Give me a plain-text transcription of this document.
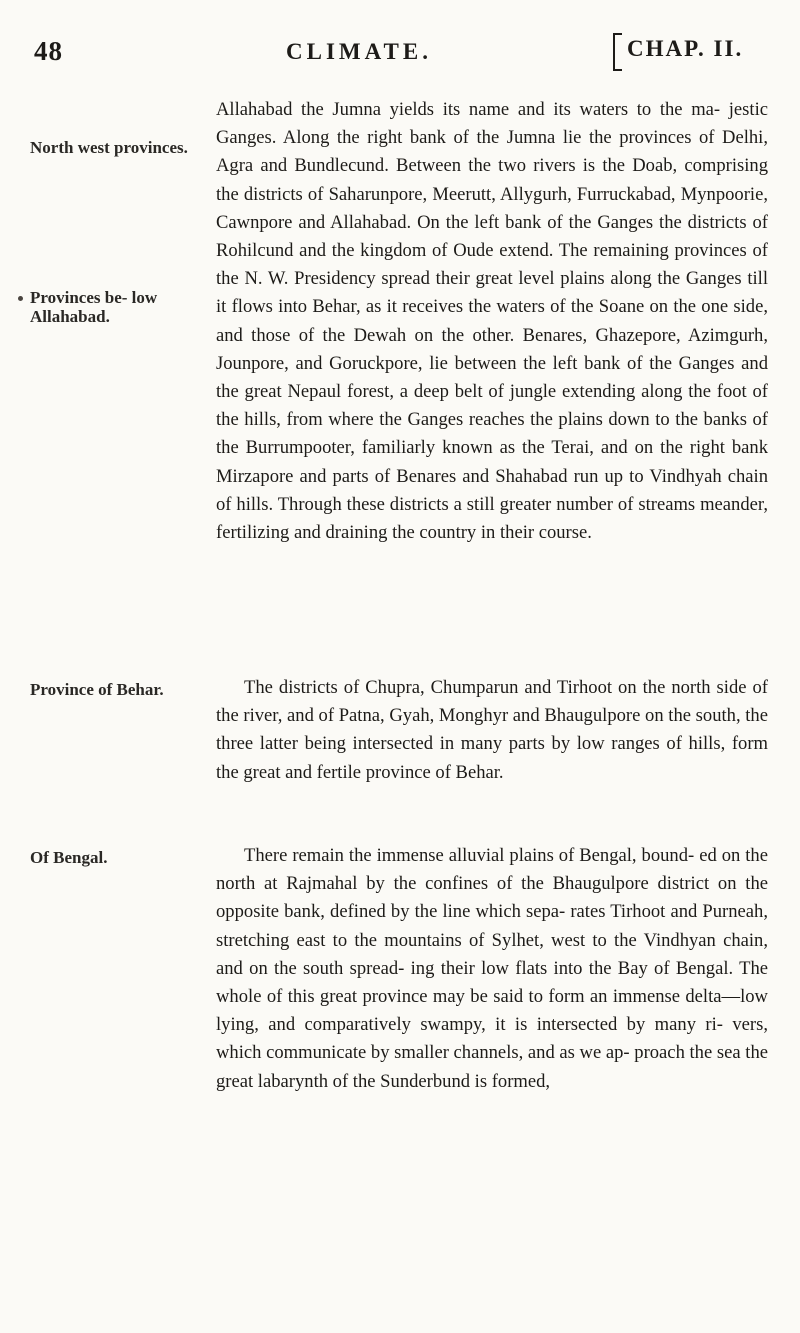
48	CLIMATE.	CHAP. II.
North west provinces.
Provinces be- low Allahabad.
Province of Behar.
Of Bengal.

Allahabad the Jumna yields its name and its waters to the ma- jestic Ganges. Along the right bank of the Jumna lie the provinces of Delhi, Agra and Bundlecund. Between the two rivers is the Doab, comprising the districts of Saharunpore, Meerutt, Allygurh, Furruckabad, Mynpoorie, Cawnpore and Allahabad. On the left bank of the Ganges the districts of Rohilcund and the kingdom of Oude extend. The remaining provinces of the N. W. Presidency spread their great level plains along the Ganges till it flows into Behar, as it receives the waters of the Soane on the one side, and those of the Dewah on the other. Benares, Ghazepore, Azimgurh, Jounpore, and Goruckpore, lie between the left bank of the Ganges and the great Nepaul forest, a deep belt of jungle extending along the foot of the hills, from where the Ganges reaches the plains down to the banks of the Burrumpooter, familiarly known as the Terai, and on the right bank Mirzapore and parts of Benares and Shahabad run up to Vindhyah chain of hills. Through these districts a still greater number of streams meander, fertilizing and draining the country in their course.

The districts of Chupra, Chumparun and Tirhoot on the north side of the river, and of Patna, Gyah, Monghyr and Bhaugulpore on the south, the three latter being intersected in many parts by low ranges of hills, form the great and fertile province of Behar.

There remain the immense alluvial plains of Bengal, bound- ed on the north at Rajmahal by the confines of the Bhaugulpore district on the opposite bank, defined by the line which sepa- rates Tirhoot and Purneah, stretching east to the mountains of Sylhet, west to the Vindhyan chain, and on the south spread- ing their low flats into the Bay of Bengal. The whole of this great province may be said to form an immense delta—low lying, and comparatively swampy, it is intersected by many ri- vers, which communicate by smaller channels, and as we ap- proach the sea the great labarynth of the Sunderbund is formed,
